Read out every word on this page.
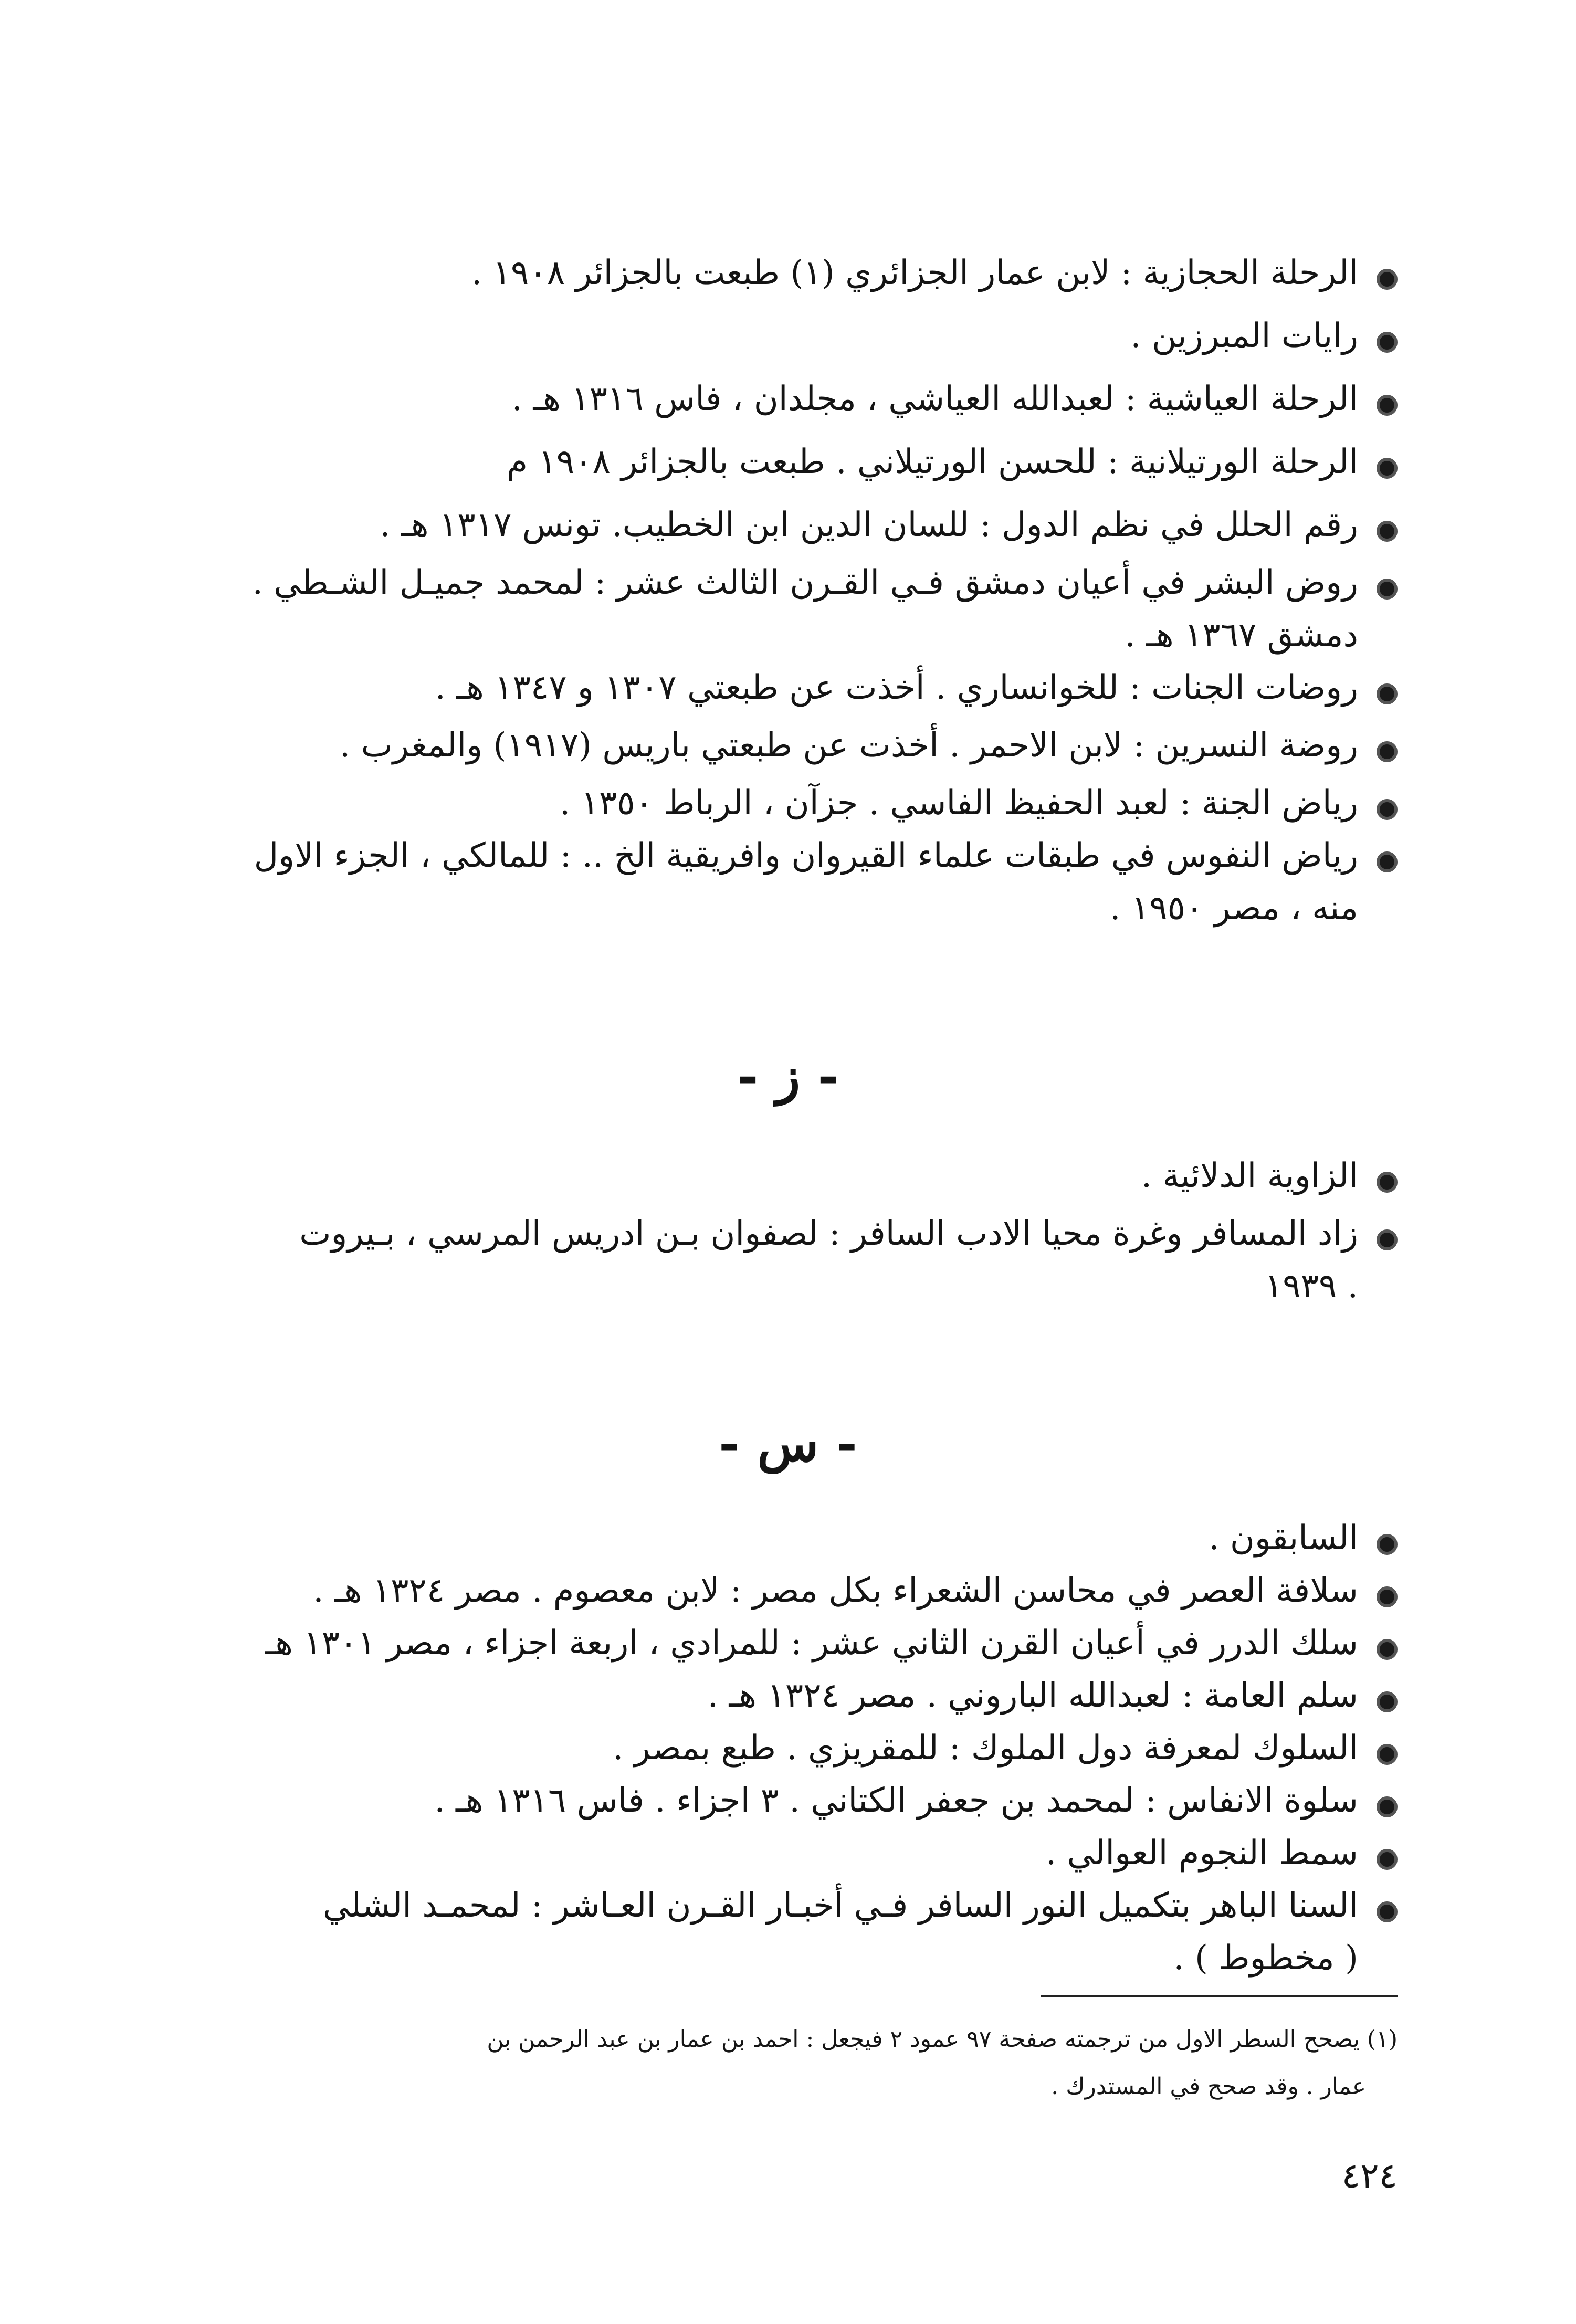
الرحلة الحجازية : لابن عمار الجزائري (١) طبعت بالجزائر ١٩٠٨ .
رايات المبرزين .
الرحلة العياشية : لعبدالله العياشي ، مجلدان ، فاس ١٣١٦ هـ .
الرحلة الورتيلانية : للحسن الورتيلاني . طبعت بالجزائر ١٩٠٨ م
رقم الحلل في نظم الدول : للسان الدين ابن الخطيب. تونس ١٣١٧ هـ .
روض البشر في أعيان دمشق فـي القـرن الثالث عشر : لمحمد جميـل الشـطي .
دمشق ١٣٦٧ هـ .
روضات الجنات : للخوانساري . أخذت عن طبعتي ١٣٠٧ و ١٣٤٧ هـ .
روضة النسرين : لابن الاحمر . أخذت عن طبعتي باريس (١٩١٧) والمغرب .
رياض الجنة : لعبد الحفيظ الفاسي . جزآن ، الرباط ١٣٥٠ .
رياض النفوس في طبقات علماء القيروان وافريقية الخ .. : للمالكي ، الجزء الاول
منه ، مصر ١٩٥٠ .
- ز -
الزاوية الدلائية .
زاد المسافر وغرة محيا الادب السافر : لصفوان بـن ادريس المرسي ، بـيروت
١٩٣٩ .
- س -
السابقون .
سلافة العصر في محاسن الشعراء بكل مصر : لابن معصوم . مصر ١٣٢٤ هـ .
سلك الدرر في أعيان القرن الثاني عشر : للمرادي ، اربعة اجزاء ، مصر ١٣٠١ هـ
سلم العامة : لعبدالله الباروني . مصر ١٣٢٤ هـ .
السلوك لمعرفة دول الملوك : للمقريزي . طبع بمصر .
سلوة الانفاس : لمحمد بن جعفر الكتاني . ٣ اجزاء . فاس ١٣١٦ هـ .
سمط النجوم العوالي .
السنا الباهر بتكميل النور السافر فـي أخبـار القـرن العـاشر : لمحمـد الشلي
( مخطوط ) .
(١) يصحح السطر الاول من ترجمته صفحة ٩٧ عمود ٢ فيجعل : احمد بن عمار بن عبد الرحمن بن
عمار . وقد صحح في المستدرك .
٤٢٤
